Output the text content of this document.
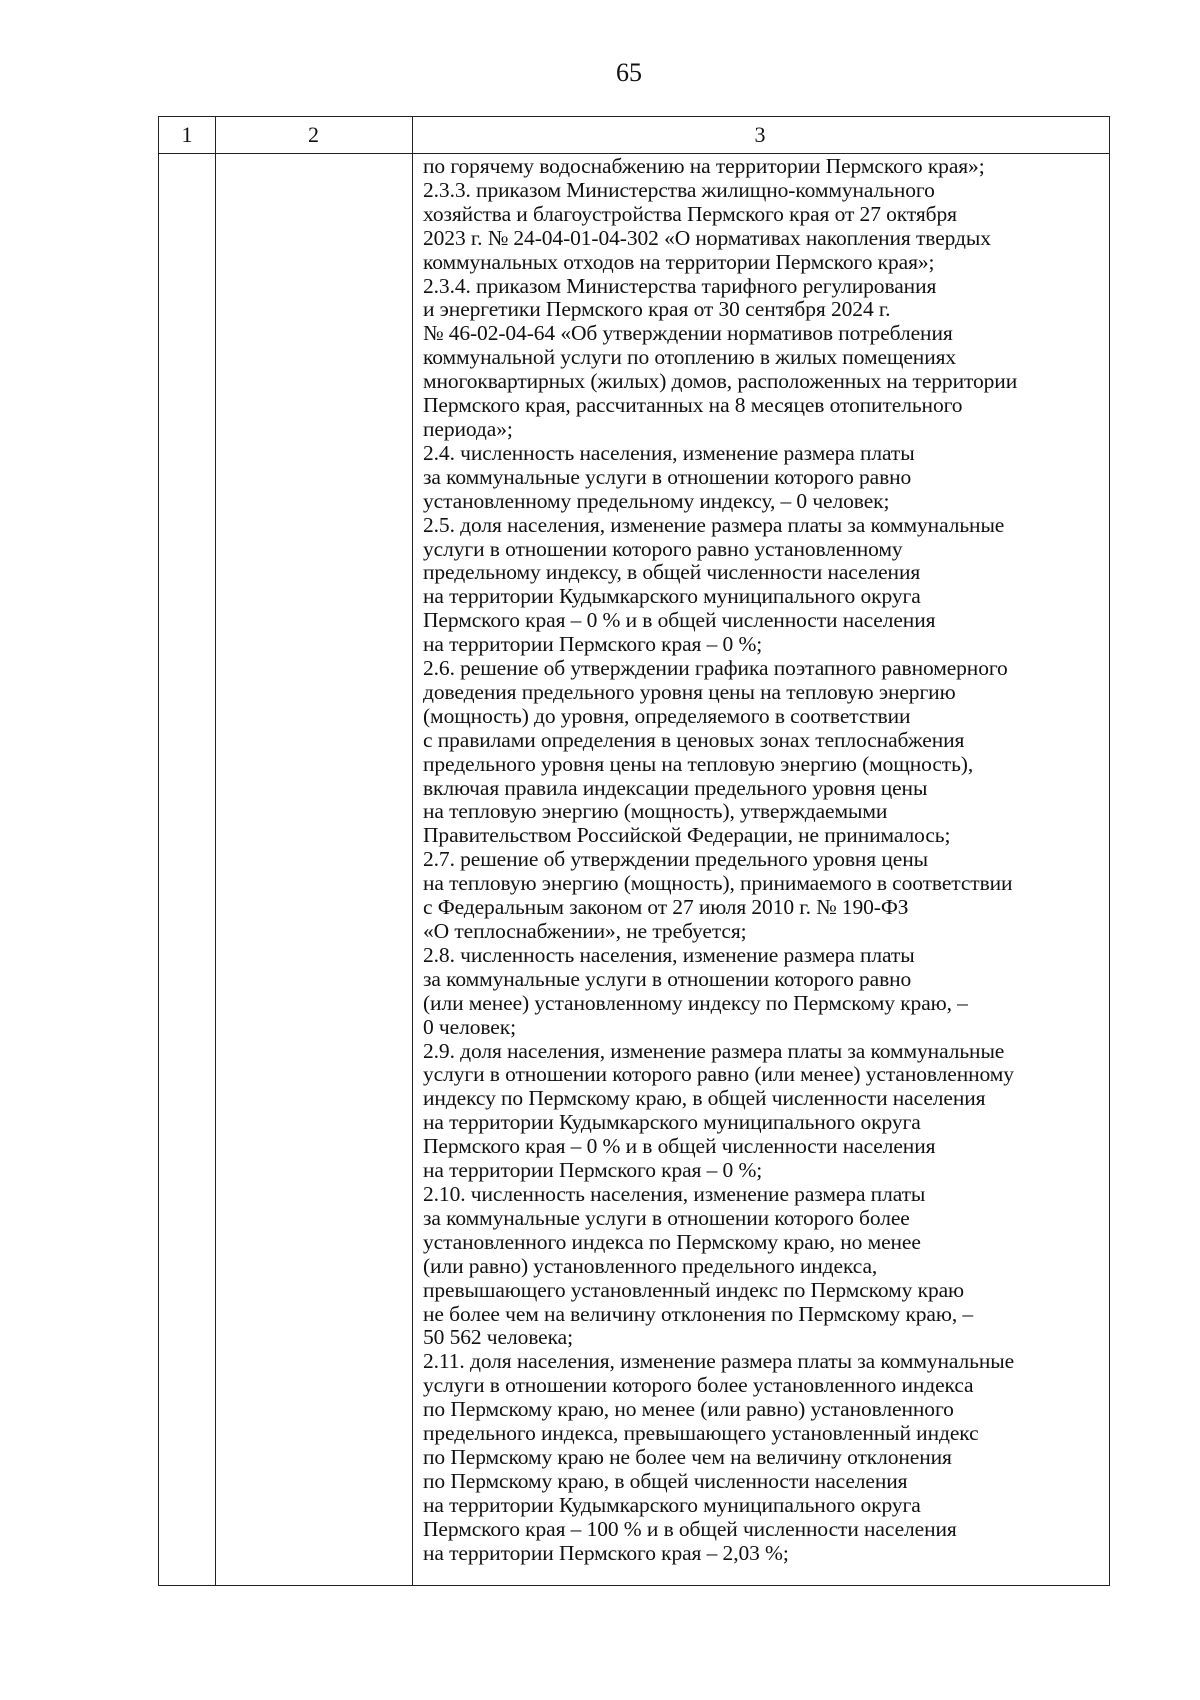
65
1	2	3
по горячему водоснабжению на территории Пермского края»;
2.3.3. приказом Министерства жилищно-коммунального
хозяйства и благоустройства Пермского края от 27 октября
2023 г. № 24-04-01-04-302 «О нормативах накопления твердых
коммунальных отходов на территории Пермского края»;
2.3.4. приказом Министерства тарифного регулирования
и энергетики Пермского края от 30 сентября 2024 г.
№ 46-02-04-64 «Об утверждении нормативов потребления
коммунальной услуги по отоплению в жилых помещениях
многоквартирных (жилых) домов, расположенных на территории
Пермского края, рассчитанных на 8 месяцев отопительного
периода»;
2.4. численность населения, изменение размера платы
за коммунальные услуги в отношении которого равно
установленному предельному индексу, – 0 человек;
2.5. доля населения, изменение размера платы за коммунальные
услуги в отношении которого равно установленному
предельному индексу, в общей численности населения
на территории Кудымкарского муниципального округа
Пермского края – 0 % и в общей численности населения
на территории Пермского края – 0 %;
2.6. решение об утверждении графика поэтапного равномерного
доведения предельного уровня цены на тепловую энергию
(мощность) до уровня, определяемого в соответствии
с правилами определения в ценовых зонах теплоснабжения
предельного уровня цены на тепловую энергию (мощность),
включая правила индексации предельного уровня цены
на тепловую энергию (мощность), утверждаемыми
Правительством Российской Федерации, не принималось;
2.7. решение об утверждении предельного уровня цены
на тепловую энергию (мощность), принимаемого в соответствии
с Федеральным законом от 27 июля 2010 г. № 190-ФЗ
«О теплоснабжении», не требуется;
2.8. численность населения, изменение размера платы
за коммунальные услуги в отношении которого равно
(или менее) установленному индексу по Пермскому краю, –
0 человек;
2.9. доля населения, изменение размера платы за коммунальные
услуги в отношении которого равно (или менее) установленному
индексу по Пермскому краю, в общей численности населения
на территории Кудымкарского муниципального округа
Пермского края – 0 % и в общей численности населения
на территории Пермского края – 0 %;
2.10. численность населения, изменение размера платы
за коммунальные услуги в отношении которого более
установленного индекса по Пермскому краю, но менее
(или равно) установленного предельного индекса,
превышающего установленный индекс по Пермскому краю
не более чем на величину отклонения по Пермскому краю, –
50 562 человека;
2.11. доля населения, изменение размера платы за коммунальные
услуги в отношении которого более установленного индекса
по Пермскому краю, но менее (или равно) установленного
предельного индекса, превышающего установленный индекс
по Пермскому краю не более чем на величину отклонения
по Пермскому краю, в общей численности населения
на территории Кудымкарского муниципального округа
Пермского края – 100 % и в общей численности населения
на территории Пермского края – 2,03 %;
